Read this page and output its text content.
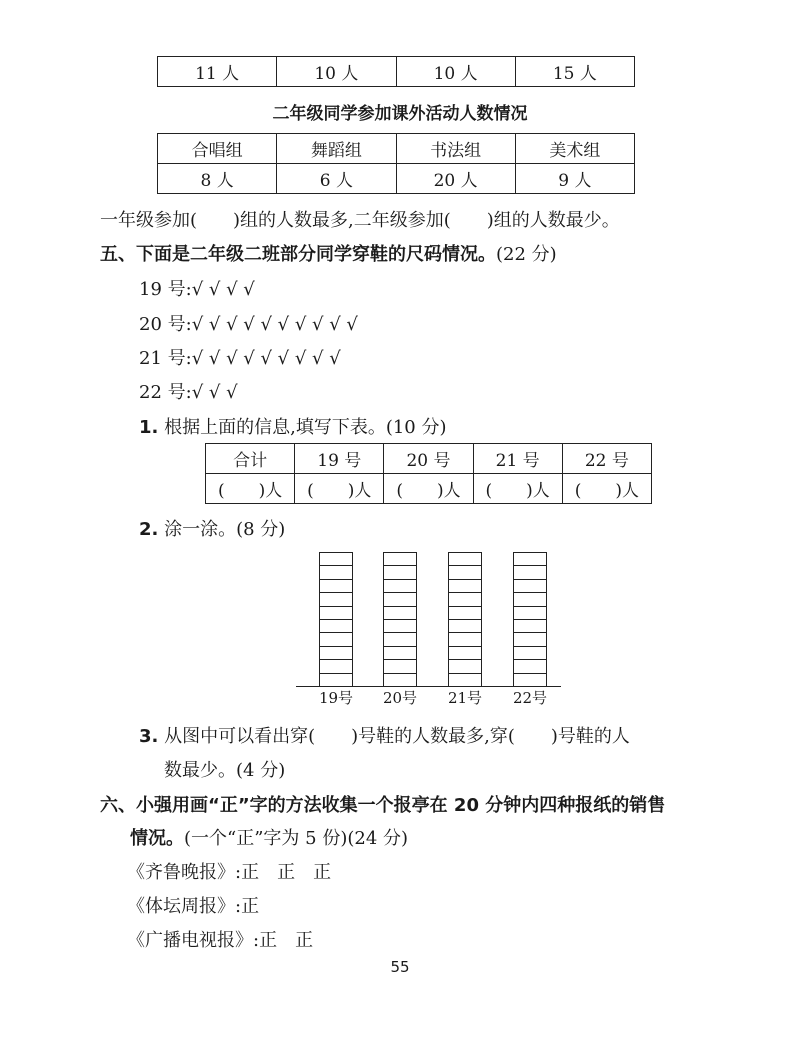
11 人	10 人	10 人	15 人
二年级同学参加课外活动人数情况
合唱组	舞蹈组	书法组	美术组
8 人	6 人	20 人	9 人
一年级参加(　　)组的人数最多,二年级参加(　　)组的人数最少。
五、下面是二年级二班部分同学穿鞋的尺码情况。(22 分)
19 号:√ √ √ √
20 号:√ √ √ √ √ √ √ √ √ √
21 号:√ √ √ √ √ √ √ √ √
22 号:√ √ √
1. 根据上面的信息,填写下表。(10 分)
合计	19 号	20 号	21 号	22 号
(　　)人	(　　)人	(　　)人	(　　)人	(　　)人
2. 涂一涂。(8 分)
19号	20号	21号	22号
3. 从图中可以看出穿(　　)号鞋的人数最多,穿(　　)号鞋的人
数最少。(4 分)
六、小强用画“正”字的方法收集一个报亭在 20 分钟内四种报纸的销售
情况。(一个“正”字为 5 份)(24 分)
《齐鲁晚报》:正　正　正
《体坛周报》:正
《广播电视报》:正　正
55
